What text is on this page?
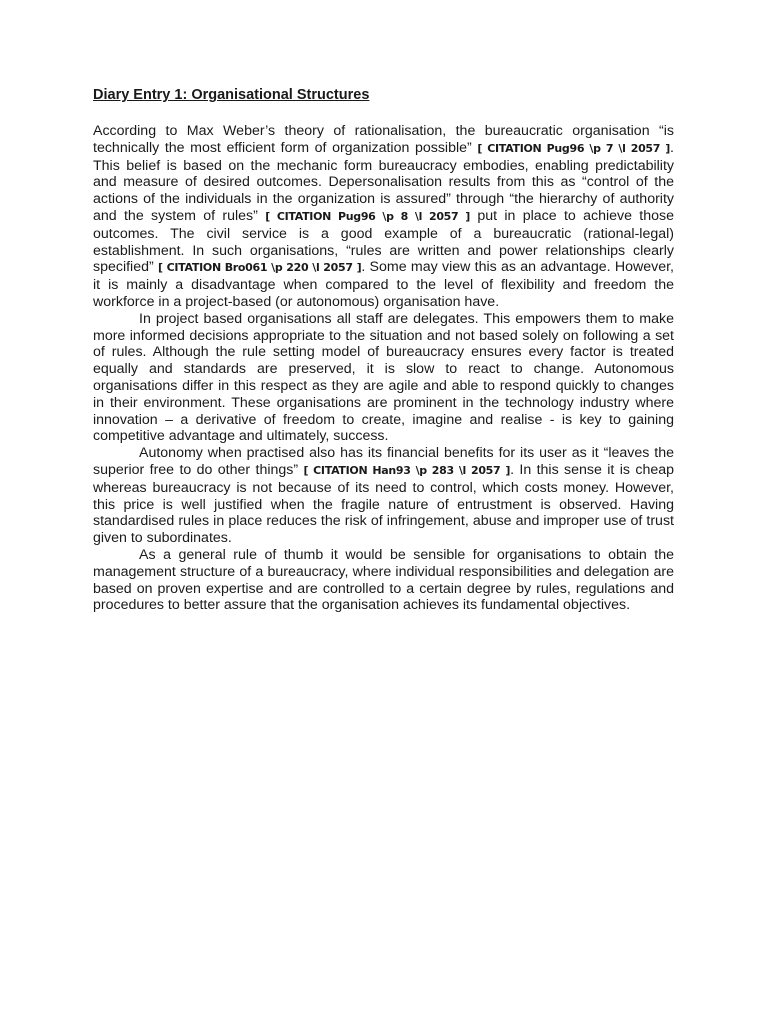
Diary Entry 1: Organisational Structures

According to Max Weber’s theory of rationalisation, the bureaucratic organisation “is technically the most efficient form of organization possible” [ CITATION Pug96 \p 7 \l 2057 ]. This belief is based on the mechanic form bureaucracy embodies, enabling predictability and measure of desired outcomes. Depersonalisation results from this as “control of the actions of the individuals in the organization is assured” through “the hierarchy of authority and the system of rules” [ CITATION Pug96 \p 8 \l 2057 ] put in place to achieve those outcomes. The civil service is a good example of a bureaucratic (rational-legal) establishment. In such organisations, “rules are written and power relationships clearly specified” [ CITATION Bro061 \p 220 \l 2057 ]. Some may view this as an advantage. However, it is mainly a disadvantage when compared to the level of flexibility and freedom the workforce in a project-based (or autonomous) organisation have.

In project based organisations all staff are delegates. This empowers them to make more informed decisions appropriate to the situation and not based solely on following a set of rules. Although the rule setting model of bureaucracy ensures every factor is treated equally and standards are preserved, it is slow to react to change. Autonomous organisations differ in this respect as they are agile and able to respond quickly to changes in their environment. These organisations are prominent in the technology industry where innovation – a derivative of freedom to create, imagine and realise - is key to gaining competitive advantage and ultimately, success.

Autonomy when practised also has its financial benefits for its user as it “leaves the superior free to do other things” [ CITATION Han93 \p 283 \l 2057 ]. In this sense it is cheap whereas bureaucracy is not because of its need to control, which costs money. However, this price is well justified when the fragile nature of entrustment is observed. Having standardised rules in place reduces the risk of infringement, abuse and improper use of trust given to subordinates.

As a general rule of thumb it would be sensible for organisations to obtain the management structure of a bureaucracy, where individual responsibilities and delegation are based on proven expertise and are controlled to a certain degree by rules, regulations and procedures to better assure that the organisation achieves its fundamental objectives.
